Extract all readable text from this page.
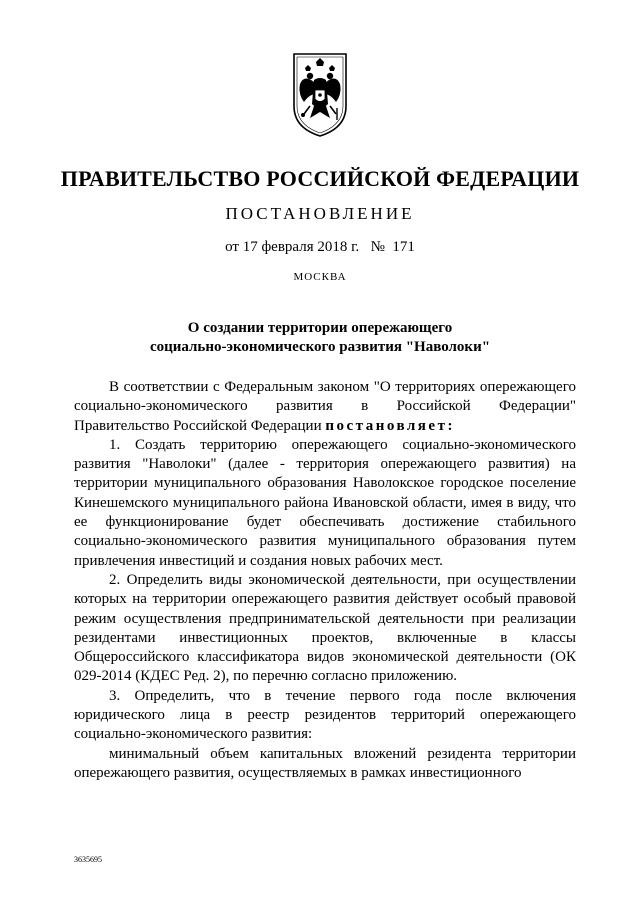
ПРАВИТЕЛЬСТВО РОССИЙСКОЙ ФЕДЕРАЦИИ
ПОСТАНОВЛЕНИЕ
от 17 февраля 2018 г. № 171
МОСКВА
О создании территории опережающего
социально-экономического развития "Наволоки"

В соответствии с Федеральным законом "О территориях опережающего социально-экономического развития в Российской Федерации" Правительство Российской Федерации постановляет:

1. Создать территорию опережающего социально-экономического развития "Наволоки" (далее - территория опережающего развития) на территории муниципального образования Наволокское городское поселение Кинешемского муниципального района Ивановской области, имея в виду, что ее функционирование будет обеспечивать достижение стабильного социально-экономического развития муниципального образования путем привлечения инвестиций и создания новых рабочих мест.

2. Определить виды экономической деятельности, при осуществлении которых на территории опережающего развития действует особый правовой режим осуществления предпринимательской деятельности при реализации резидентами инвестиционных проектов, включенные в классы Общероссийского классификатора видов экономической деятельности (ОК 029-2014 (КДЕС Ред. 2), по перечню согласно приложению.

3. Определить, что в течение первого года после включения юридического лица в реестр резидентов территорий опережающего социально-экономического развития:

минимальный объем капитальных вложений резидента территории опережающего развития, осуществляемых в рамках инвестиционного

3635695
